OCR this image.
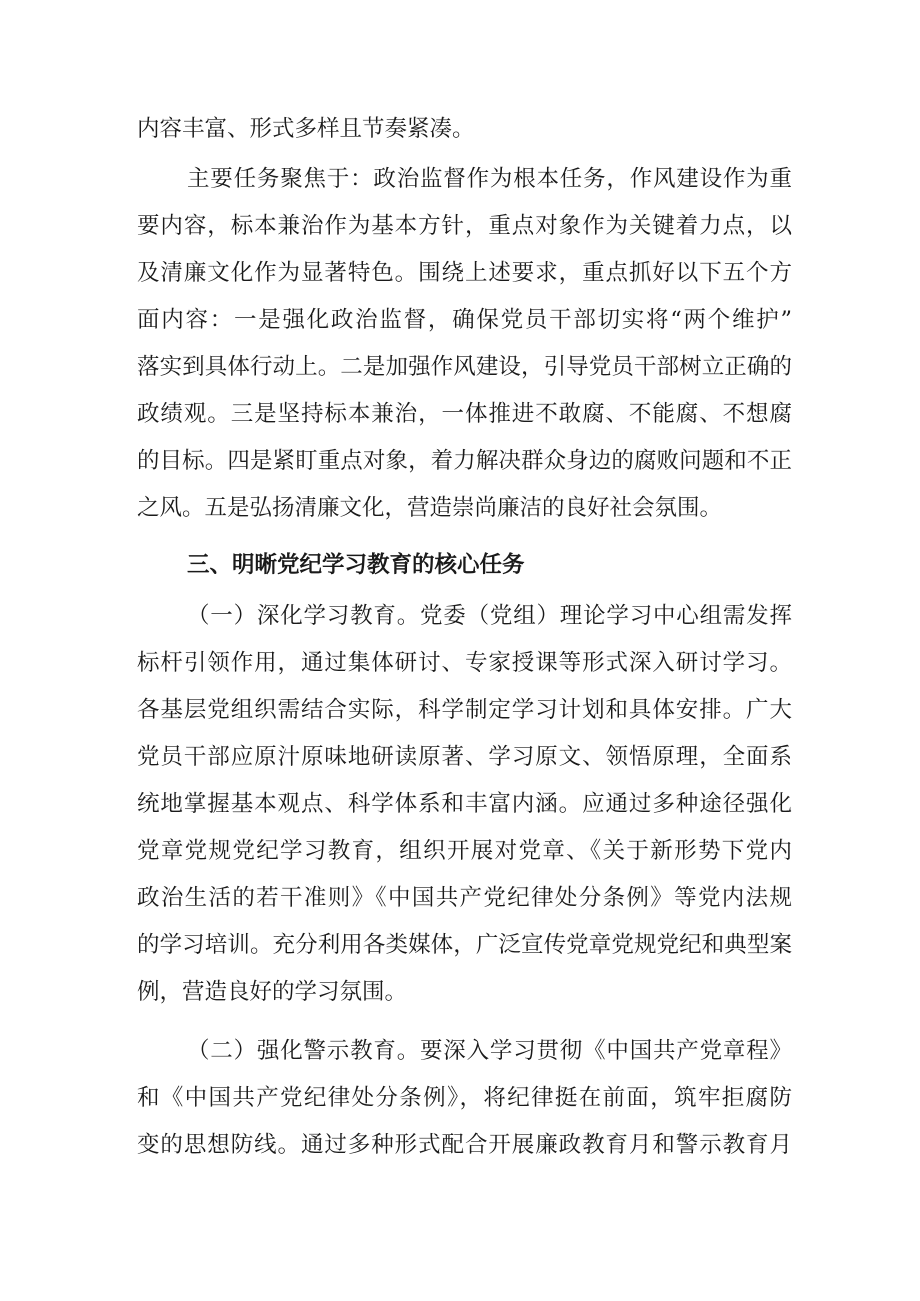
内容丰富、形式多样且节奏紧凑。
主要任务聚焦于：政治监督作为根本任务，作风建设作为重
要内容，标本兼治作为基本方针，重点对象作为关键着力点，以
及清廉文化作为显著特色。围绕上述要求，重点抓好以下五个方
面内容：一是强化政治监督，确保党员干部切实将“两个维护”
落实到具体行动上。二是加强作风建设，引导党员干部树立正确的
政绩观。三是坚持标本兼治，一体推进不敢腐、不能腐、不想腐
的目标。四是紧盯重点对象，着力解决群众身边的腐败问题和不正
之风。五是弘扬清廉文化，营造崇尚廉洁的良好社会氛围。
三、明晰党纪学习教育的核心任务
（一）深化学习教育。党委（党组）理论学习中心组需发挥
标杆引领作用，通过集体研讨、专家授课等形式深入研讨学习。
各基层党组织需结合实际，科学制定学习计划和具体安排。广大
党员干部应原汁原味地研读原著、学习原文、领悟原理，全面系
统地掌握基本观点、科学体系和丰富内涵。应通过多种途径强化
党章党规党纪学习教育，组织开展对党章、《关于新形势下党内
政治生活的若干准则》《中国共产党纪律处分条例》等党内法规
的学习培训。充分利用各类媒体，广泛宣传党章党规党纪和典型案
例，营造良好的学习氛围。
（二）强化警示教育。要深入学习贯彻《中国共产党章程》
和《中国共产党纪律处分条例》，将纪律挺在前面，筑牢拒腐防
变的思想防线。通过多种形式配合开展廉政教育月和警示教育月
